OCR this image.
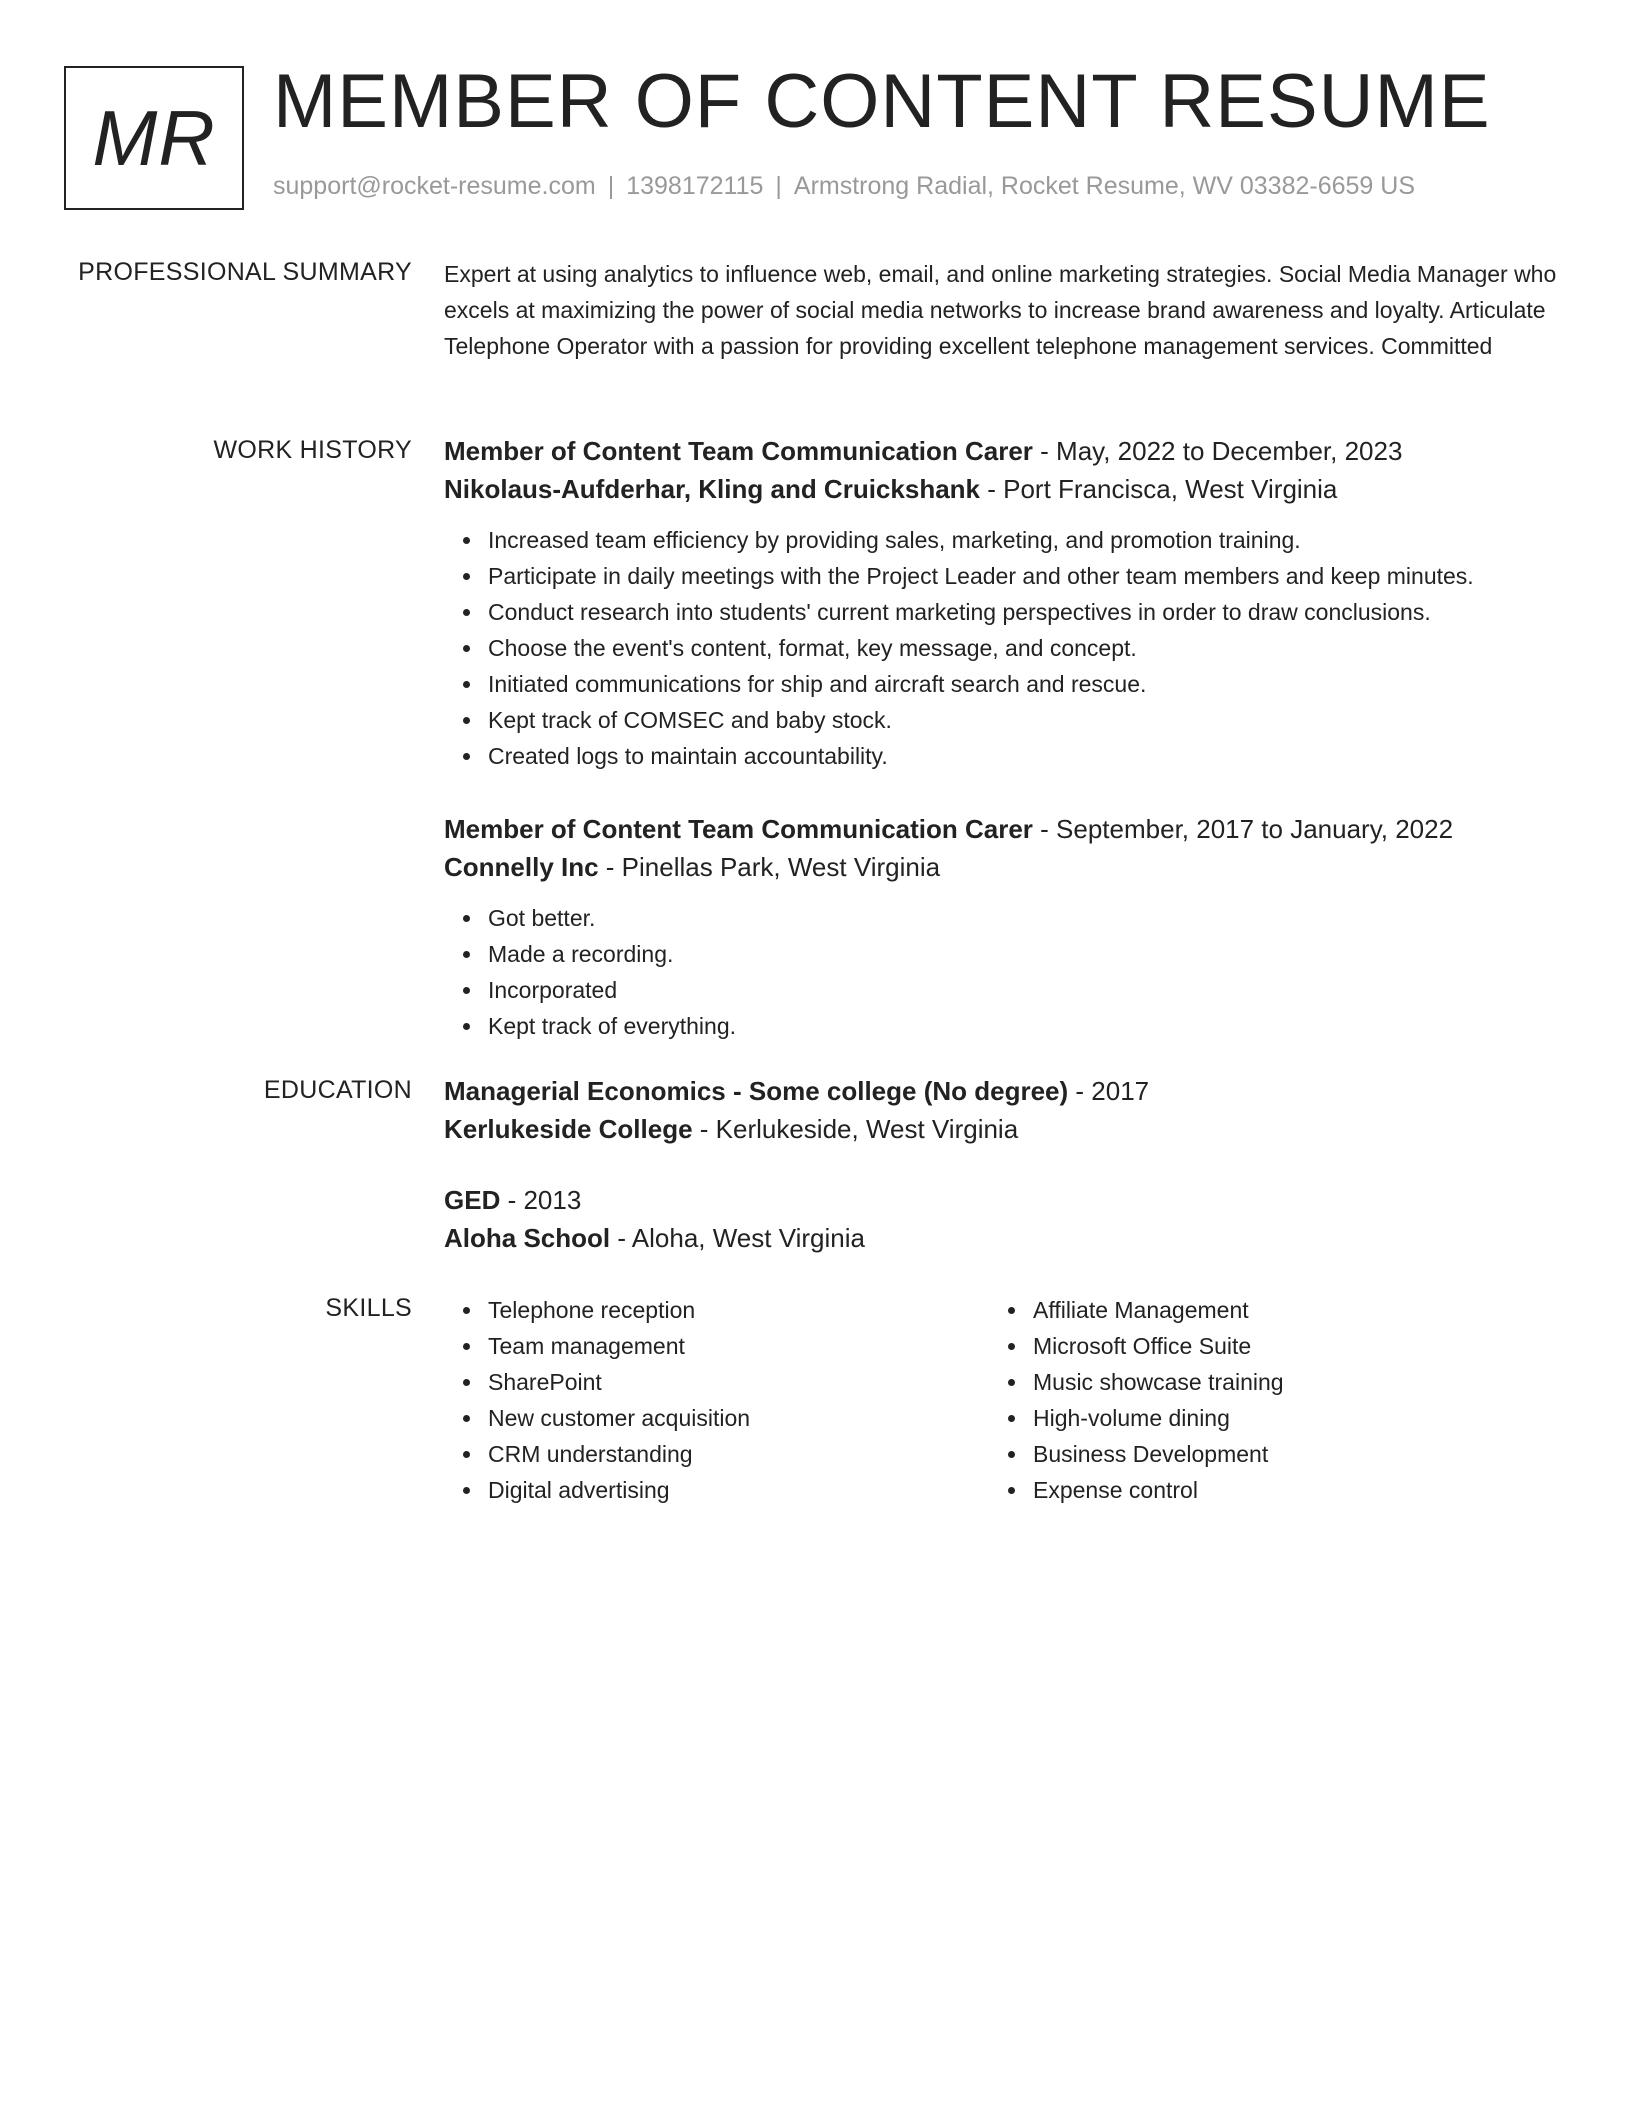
MR MEMBER OF CONTENT RESUME
support@rocket-resume.com | 1398172115 | Armstrong Radial, Rocket Resume, WV 03382-6659 US
PROFESSIONAL SUMMARY Expert at using analytics to influence web, email, and online marketing strategies. Social Media Manager who excels at maximizing the power of social media networks to increase brand awareness and loyalty. Articulate Telephone Operator with a passion for providing excellent telephone management services. Committed

WORK HISTORY Member of Content Team Communication Carer - May, 2022 to December, 2023

Nikolaus-Aufderhar, Kling and Cruickshank - Port Francisca, West Virginia

Increased team efficiency by providing sales, marketing, and promotion training.
Participate in daily meetings with the Project Leader and other team members and keep minutes.
Conduct research into students' current marketing perspectives in order to draw conclusions.
Choose the event's content, format, key message, and concept.
Initiated communications for ship and aircraft search and rescue.
Kept track of COMSEC and baby stock.
Created logs to maintain accountability.

Member of Content Team Communication Carer - September, 2017 to January, 2022

Connelly Inc - Pinellas Park, West Virginia

Got better.
Made a recording.
Incorporated
Kept track of everything.
EDUCATION Managerial Economics - Some college (No degree) - 2017

Kerlukeside College - Kerlukeside, West Virginia

GED - 2013

Aloha School - Aloha, West Virginia

SKILLS	Telephone reception
Team management
SharePoint
New customer acquisition
CRM understanding
Digital advertising
Affiliate Management
Microsoft Office Suite
Music showcase training
High-volume dining
Business Development
Expense control
